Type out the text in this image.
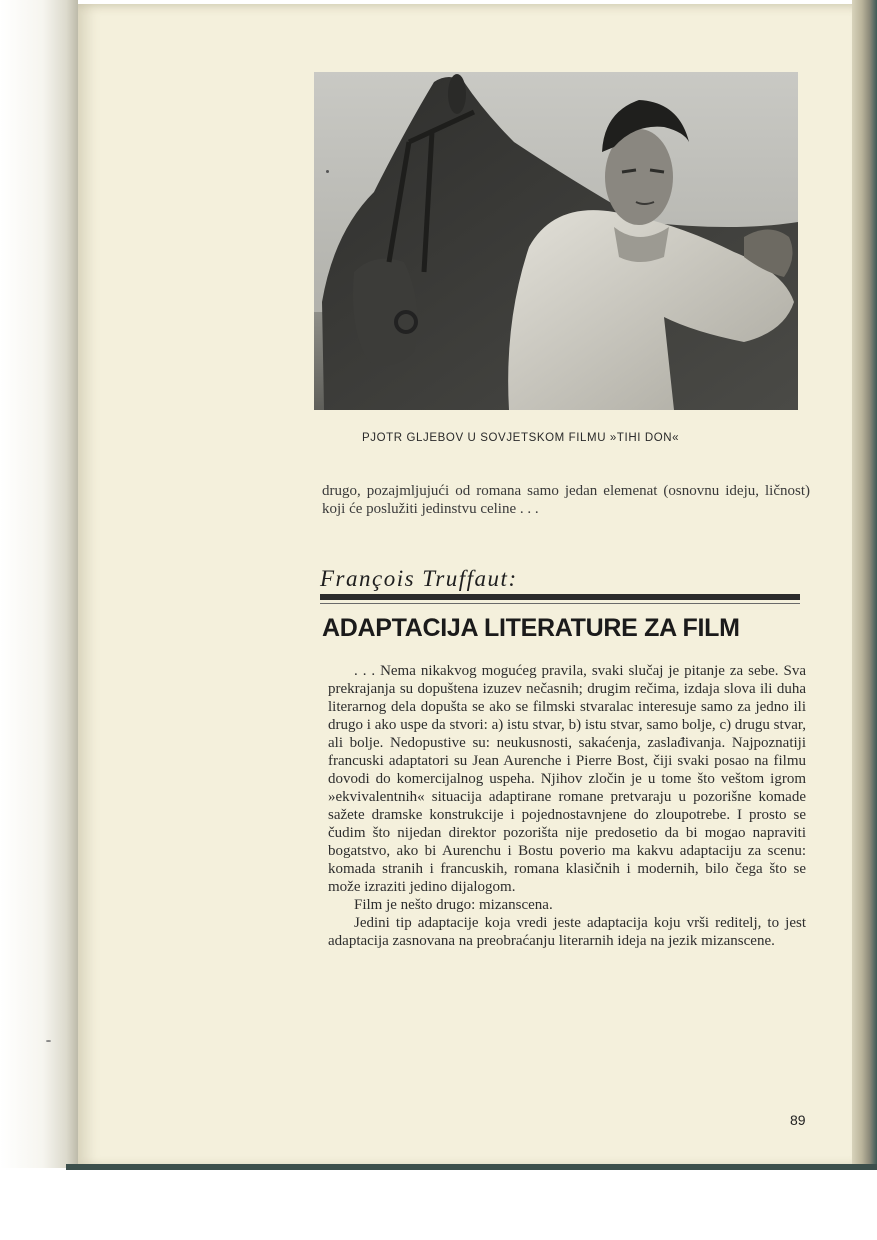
PJOTR GLJEBOV U SOVJETSKOM FILMU »TIHI DON«
drugo, pozajmljujući od romana samo jedan elemenat (osnovnu ideju, ličnost) koji će poslužiti jedinstvu celine . . .
François Truffaut:
ADAPTACIJA LITERATURE ZA FILM

. . . Nema nikakvog mogućeg pravila, svaki slučaj je pitanje za sebe. Sva prekrajanja su dopuštena izuzev nečasnih; drugim rečima, izdaja slova ili duha literarnog dela dopušta se ako se filmski stvaralac interesuje samo za jedno ili drugo i ako uspe da stvori: a) istu stvar, b) istu stvar, samo bolje, c) drugu stvar, ali bolje. Nedopustive su: neukusnosti, sakaćenja, zaslađivanja. Najpoznatiji francuski adaptatori su Jean Aurenche i Pierre Bost, čiji svaki posao na filmu dovodi do komercijalnog uspeha. Njihov zločin je u tome što veštom igrom »ekvivalentnih« situacija adaptirane romane pretvaraju u pozorišne komade sažete dramske konstrukcije i pojednostavnjene do zloupotrebe. I prosto se čudim što nijedan direktor pozorišta nije predosetio da bi mogao napraviti bogatstvo, ako bi Aurenchu i Bostu poverio ma kakvu adaptaciju za scenu: komada stranih i francuskih, romana klasičnih i modernih, bilo čega što se može izraziti jedino dijalogom.

Film je nešto drugo: mizanscena.

Jedini tip adaptacije koja vredi jeste adaptacija koju vrši reditelj, to jest adaptacija zasnovana na preobraćanju literarnih ideja na jezik mizanscene.

89
